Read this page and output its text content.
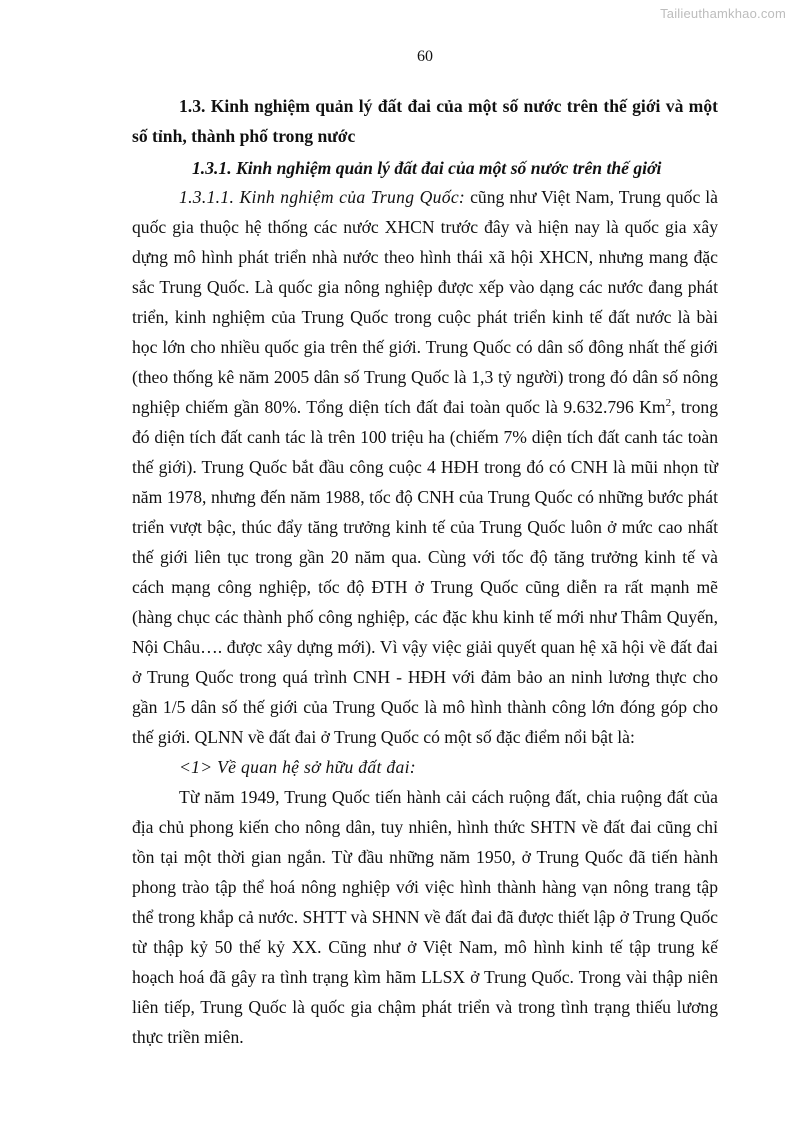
Tailieuthamkhao.com
60

1.3. Kinh nghiệm quản lý đất đai của một số nước trên thế giới và một số tỉnh, thành phố trong nước

1.3.1. Kinh nghiệm quản lý đất đai của một số nước trên thế giới

1.3.1.1. Kinh nghiệm của Trung Quốc: cũng như Việt Nam, Trung quốc là quốc gia thuộc hệ thống các nước XHCN trước đây và hiện nay là quốc gia xây dựng mô hình phát triển nhà nước theo hình thái xã hội XHCN, nhưng mang đặc sắc Trung Quốc. Là quốc gia nông nghiệp được xếp vào dạng các nước đang phát triển, kinh nghiệm của Trung Quốc trong cuộc phát triển kinh tế đất nước là bài học lớn cho nhiều quốc gia trên thế giới. Trung Quốc có dân số đông nhất thế giới (theo thống kê năm 2005 dân số Trung Quốc là 1,3 tỷ người) trong đó dân số nông nghiệp chiếm gần 80%. Tổng diện tích đất đai toàn quốc là 9.632.796 Km$^2$, trong đó diện tích đất canh tác là trên 100 triệu ha (chiếm 7% diện tích đất canh tác toàn thế giới). Trung Quốc bắt đầu công cuộc 4 HĐH trong đó có CNH là mũi nhọn từ năm 1978, nhưng đến năm 1988, tốc độ CNH của Trung Quốc có những bước phát triển vượt bậc, thúc đẩy tăng trưởng kinh tế của Trung Quốc luôn ở mức cao nhất thế giới liên tục trong gần 20 năm qua. Cùng với tốc độ tăng trưởng kinh tế và cách mạng công nghiệp, tốc độ ĐTH ở Trung Quốc cũng diễn ra rất mạnh mẽ (hàng chục các thành phố công nghiệp, các đặc khu kinh tế mới như Thâm Quyến, Nội Châu…. được xây dựng mới). Vì vậy việc giải quyết quan hệ xã hội về đất đai ở Trung Quốc trong quá trình CNH - HĐH với đảm bảo an ninh lương thực cho gần 1/5 dân số thế giới của Trung Quốc là mô hình thành công lớn đóng góp cho thế giới. QLNN về đất đai ở Trung Quốc có một số đặc điểm nổi bật là:

<1> Về quan hệ sở hữu đất đai:

Từ năm 1949, Trung Quốc tiến hành cải cách ruộng đất, chia ruộng đất của địa chủ phong kiến cho nông dân, tuy nhiên, hình thức SHTN về đất đai cũng chỉ tồn tại một thời gian ngắn. Từ đầu những năm 1950, ở Trung Quốc đã tiến hành phong trào tập thể hoá nông nghiệp với việc hình thành hàng vạn nông trang tập thể trong khắp cả nước. SHTT và SHNN về đất đai đã được thiết lập ở Trung Quốc từ thập kỷ 50 thế kỷ XX. Cũng như ở Việt Nam, mô hình kinh tế tập trung kế hoạch hoá đã gây ra tình trạng kìm hãm LLSX ở Trung Quốc. Trong vài thập niên liên tiếp, Trung Quốc là quốc gia chậm phát triển và trong tình trạng thiếu lương thực triền miên.
